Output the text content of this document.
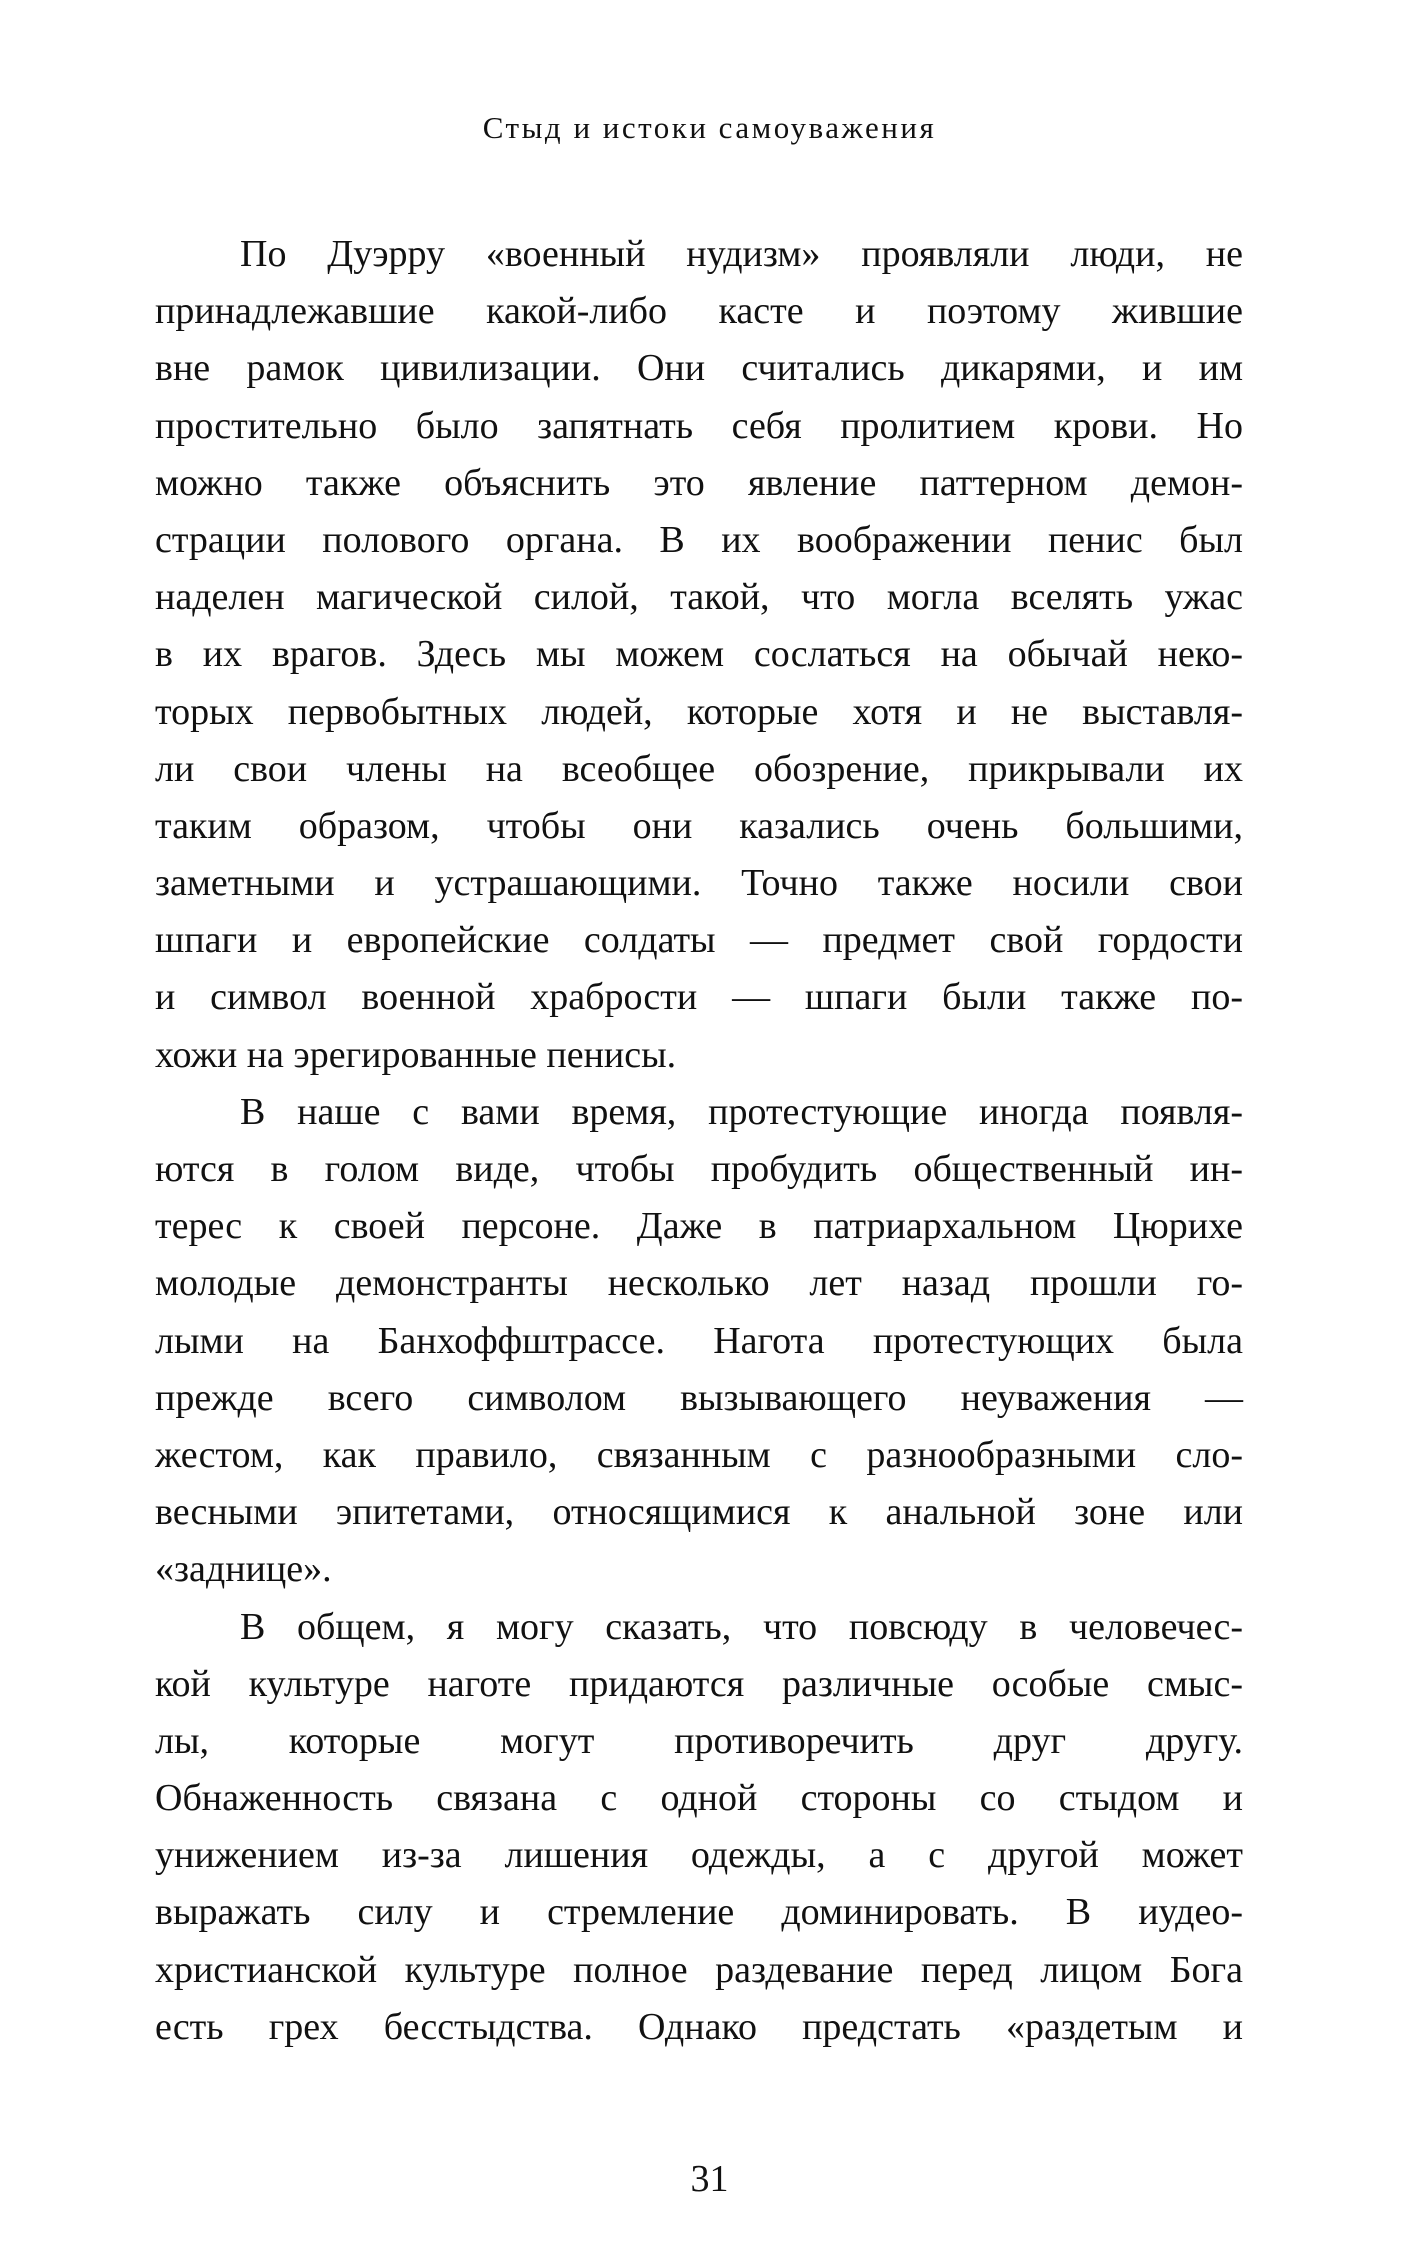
Стыд и истоки самоуважения

По Дуэрру «военный нудизм» проявляли люди, не
принадлежавшие какой-либо касте и поэтому жившие
вне рамок цивилизации. Они считались дикарями, и им
простительно было запятнать себя пролитием крови. Но
можно также объяснить это явление паттерном демон-
страции полового органа. В их воображении пенис был
наделен магической силой, такой, что могла вселять ужас
в их врагов. Здесь мы можем сослаться на обычай неко-
торых первобытных людей, которые хотя и не выставля-
ли свои члены на всеобщее обозрение, прикрывали их
таким образом, чтобы они казались очень большими,
заметными и устрашающими. Точно также носили свои
шпаги и европейские солдаты — предмет свой гордости
и символ военной храбрости — шпаги были также по-
хожи на эрегированные пенисы.

В наше с вами время, протестующие иногда появля-
ются в голом виде, чтобы пробудить общественный ин-
терес к своей персоне. Даже в патриархальном Цюрихе
молодые демонстранты несколько лет назад прошли го-
лыми на Банхоффштрассе. Нагота протестующих была
прежде всего символом вызывающего неуважения —
жестом, как правило, связанным с разнообразными сло-
весными эпитетами, относящимися к анальной зоне или
«заднице».

В общем, я могу сказать, что повсюду в человечес-
кой культуре наготе придаются различные особые смыс-
лы, которые могут противоречить друг другу.
Обнаженность связана с одной стороны со стыдом и
унижением из-за лишения одежды, а с другой может
выражать силу и стремление доминировать. В иудео-
христианской культуре полное раздевание перед лицом Бога
есть грех бесстыдства. Однако предстать «раздетым и

31
